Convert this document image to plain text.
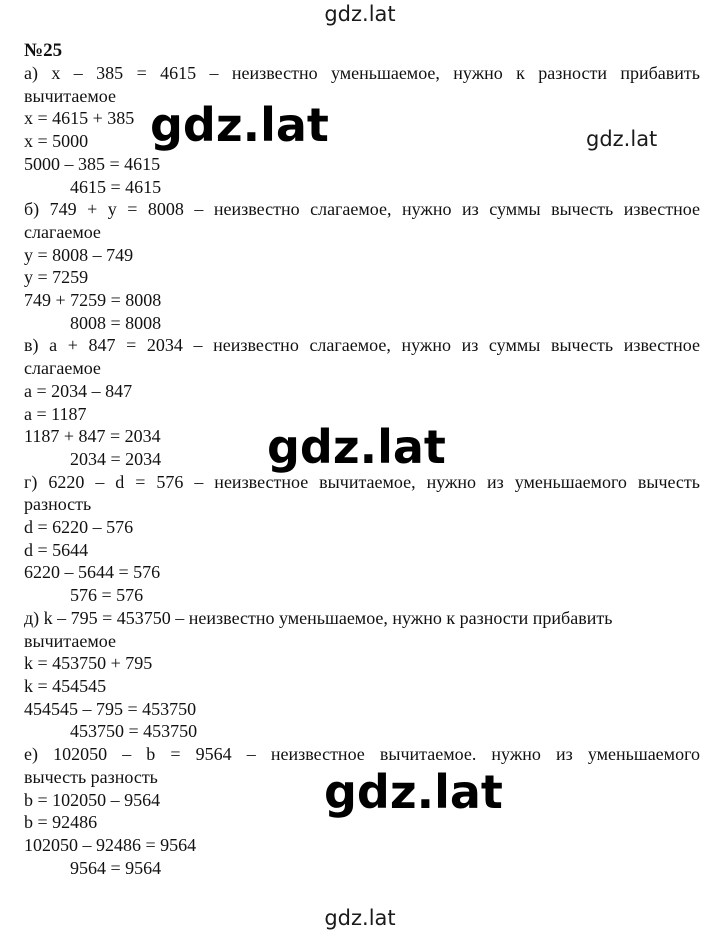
gdz.lat
gdz.lat
№25
а) x – 385 = 4615 – неизвестно уменьшаемое, нужно к разности прибавить
вычитаемое
x = 4615 + 385
x = 5000
5000 – 385 = 4615
4615 = 4615
б) 749 + y = 8008 – неизвестно слагаемое, нужно из суммы вычесть известное
слагаемое
y = 8008 – 749
y = 7259
749 + 7259 = 8008
8008 = 8008
в) a + 847 = 2034 – неизвестно слагаемое, нужно из суммы вычесть известное
слагаемое
a = 2034 – 847
a = 1187
1187 + 847 = 2034
2034 = 2034
г) 6220 – d = 576 – неизвестное вычитаемое, нужно из уменьшаемого вычесть
разность
d = 6220 – 576
d = 5644
6220 – 5644 = 576
576 = 576
д) k – 795 = 453750 – неизвестно уменьшаемое, нужно к разности прибавить
вычитаемое
k = 453750 + 795
k = 454545
454545 – 795 = 453750
453750 = 453750
е) 102050 – b = 9564 – неизвестное вычитаемое. нужно из уменьшаемого
вычесть разность
b = 102050 – 9564
b = 92486
102050 – 92486 = 9564
9564 = 9564
gdz.lat
gdz.lat
gdz.lat
gdz.lat
